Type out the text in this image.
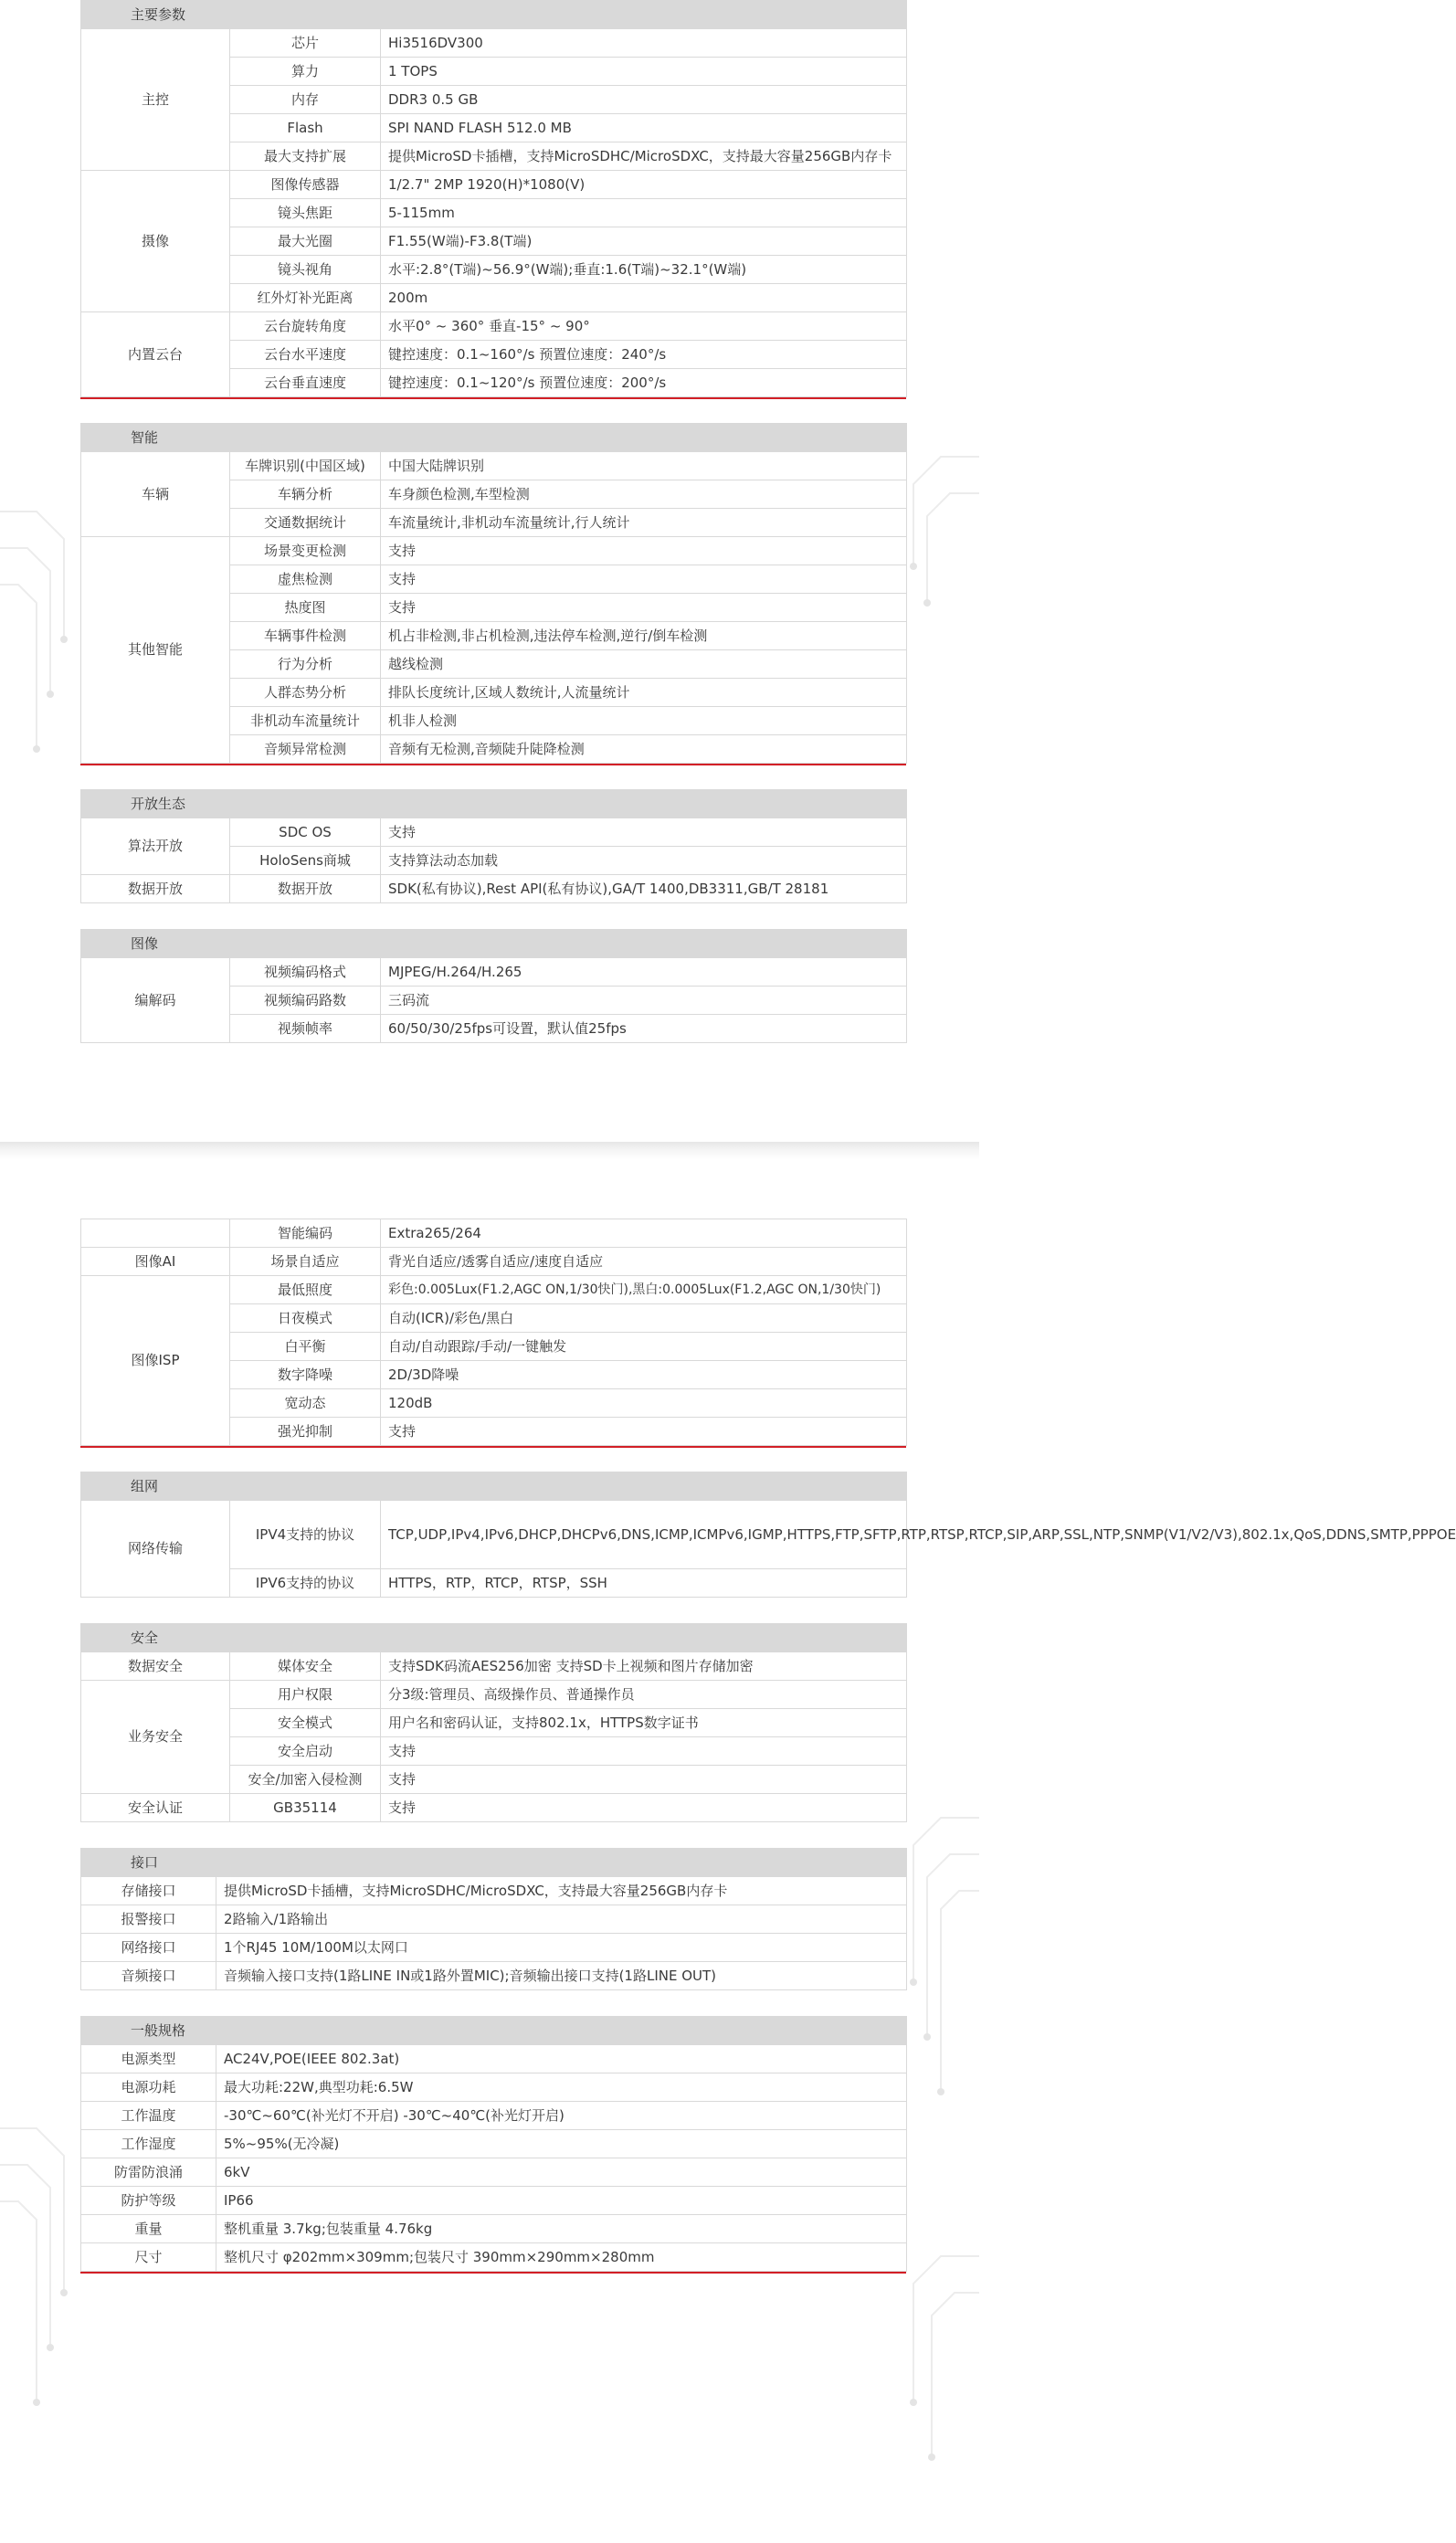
主要参数		
主控	芯片	Hi3516DV300
	算力	1 TOPS
	内存	DDR3 0.5 GB
	Flash	SPI NAND FLASH 512.0 MB
	最大支持扩展	提供MicroSD卡插槽，支持MicroSDHC/MicroSDXC，支持最大容量256GB内存卡
摄像	图像传感器	1/2.7" 2MP 1920(H)*1080(V)
	镜头焦距	5-115mm
	最大光圈	F1.55(W端)-F3.8(T端)
	镜头视角	水平:2.8°(T端)~56.9°(W端);垂直:1.6(T端)~32.1°(W端)
	红外灯补光距离	200m
内置云台	云台旋转角度	水平0° ~ 360° 垂直-15° ~ 90°
	云台水平速度	键控速度：0.1~160°/s 预置位速度：240°/s
	云台垂直速度	键控速度：0.1~120°/s 预置位速度：200°/s
智能		
车辆	车牌识别(中国区域)	中国大陆牌识别
	车辆分析	车身颜色检测,车型检测
	交通数据统计	车流量统计,非机动车流量统计,行人统计
其他智能	场景变更检测	支持
	虚焦检测	支持
	热度图	支持
	车辆事件检测	机占非检测,非占机检测,违法停车检测,逆行/倒车检测
	行为分析	越线检测
	人群态势分析	排队长度统计,区域人数统计,人流量统计
	非机动车流量统计	机非人检测
	音频异常检测	音频有无检测,音频陡升陡降检测
开放生态		
算法开放	SDC OS	支持
	HoloSens商城	支持算法动态加载
数据开放	数据开放	SDK(私有协议),Rest API(私有协议),GA/T 1400,DB3311,GB/T 28181
图像		
编解码	视频编码格式	MJPEG/H.264/H.265
	视频编码路数	三码流
	视频帧率	60/50/30/25fps可设置，默认值25fps
	智能编码	Extra265/264
图像AI	场景自适应	背光自适应/透雾自适应/速度自适应
图像ISP	最低照度	彩色:0.005Lux(F1.2,AGC ON,1/30快门),黑白:0.0005Lux(F1.2,AGC ON,1/30快门)
	日夜模式	自动(ICR)/彩色/黑白
	白平衡	自动/自动跟踪/手动/一键触发
	数字降噪	2D/3D降噪
	宽动态	120dB
	强光抑制	支持
组网		
网络传输	IPV4支持的协议	TCP,UDP,IPv4,IPv6,DHCP,DHCPv6,DNS,ICMP,ICMPv6,IGMP,HTTPS,FTP,SFTP,RTP,RTSP,RTCP,SIP,ARP,SSL,NTP,SNMP(V1/V2/V3),802.1x,QoS,DDNS,SMTP,PPPOE
	IPV6支持的协议	HTTPS，RTP，RTCP，RTSP，SSH
安全		
数据安全	媒体安全	支持SDK码流AES256加密 支持SD卡上视频和图片存储加密
业务安全	用户权限	分3级:管理员、高级操作员、普通操作员
	安全模式	用户名和密码认证，支持802.1x，HTTPS数字证书
	安全启动	支持
	安全/加密入侵检测	支持
安全认证	GB35114	支持
接口	
存储接口	提供MicroSD卡插槽，支持MicroSDHC/MicroSDXC，支持最大容量256GB内存卡
报警接口	2路输入/1路输出
网络接口	1个RJ45 10M/100M以太网口
音频接口	音频输入接口支持(1路LINE IN或1路外置MIC);音频输出接口支持(1路LINE OUT)
一般规格	
电源类型	AC24V,POE(IEEE 802.3at)
电源功耗	最大功耗:22W,典型功耗:6.5W
工作温度	-30℃~60℃(补光灯不开启) -30℃~40℃(补光灯开启)
工作湿度	5%~95%(无冷凝)
防雷防浪涌	6kV
防护等级	IP66
重量	整机重量 3.7kg;包装重量 4.76kg
尺寸	整机尺寸 φ202mm×309mm;包装尺寸 390mm×290mm×280mm
